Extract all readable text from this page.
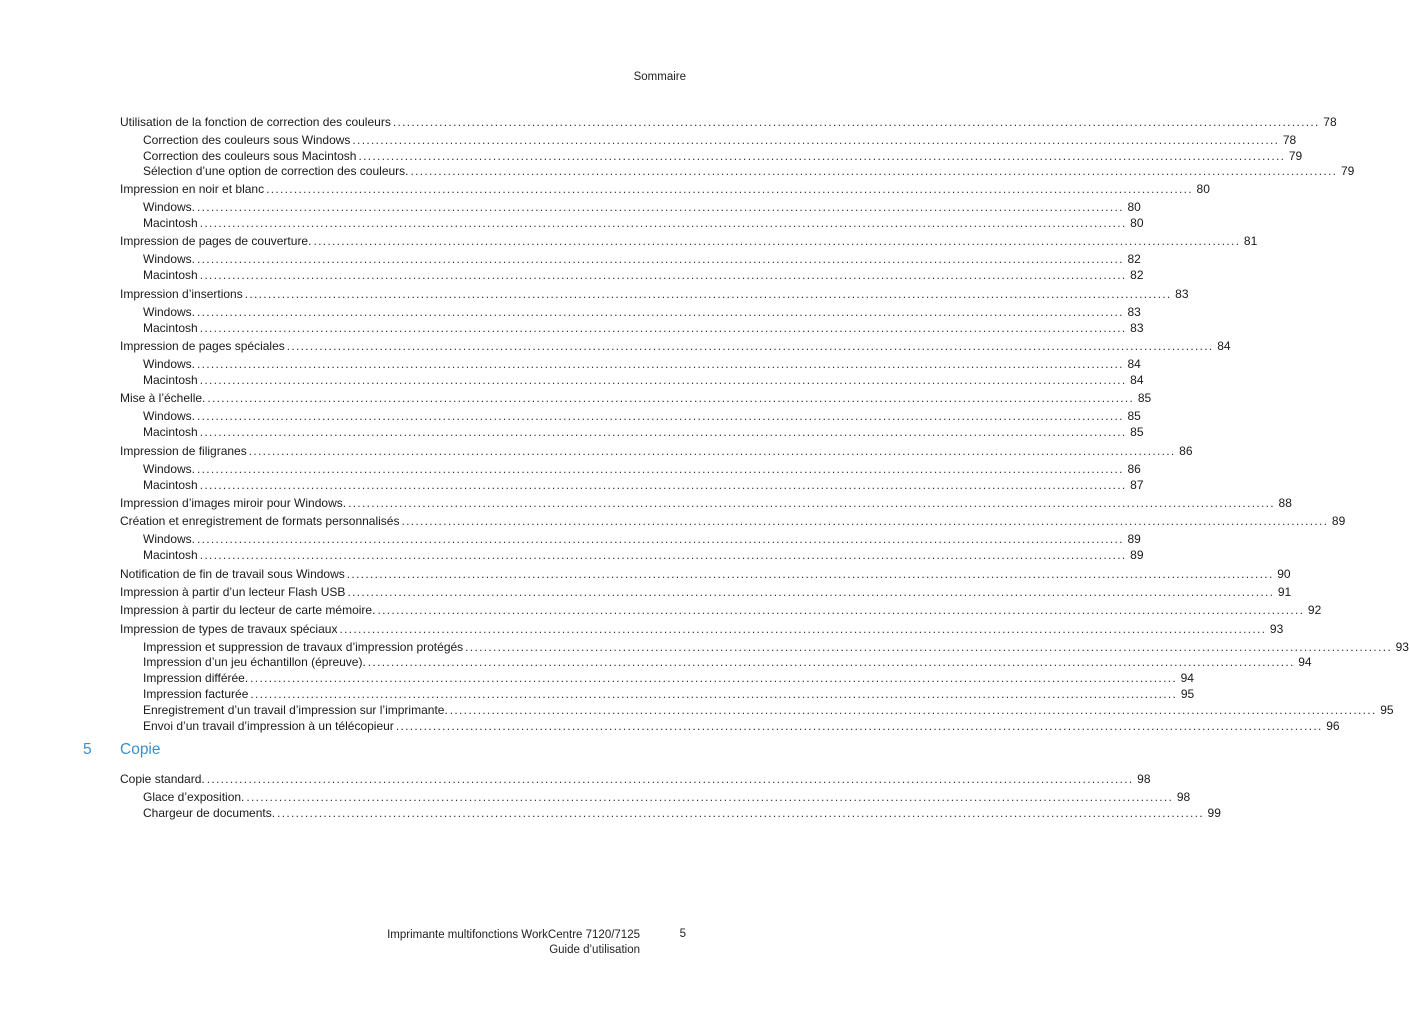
Sommaire
Utilisation de la fonction de correction des couleurs ........................................................................................................................................................................................................ 78
Correction des couleurs sous Windows ........................................................................................................................................................................................................ 78
Correction des couleurs sous Macintosh ........................................................................................................................................................................................................ 79
Sélection d’une option de correction des couleurs. ........................................................................................................................................................................................................ 79
Impression en noir et blanc ........................................................................................................................................................................................................ 80
Windows. ........................................................................................................................................................................................................ 80
Macintosh ........................................................................................................................................................................................................ 80
Impression de pages de couverture. ........................................................................................................................................................................................................ 81
Windows. ........................................................................................................................................................................................................ 82
Macintosh ........................................................................................................................................................................................................ 82
Impression d’insertions ........................................................................................................................................................................................................ 83
Windows. ........................................................................................................................................................................................................ 83
Macintosh ........................................................................................................................................................................................................ 83
Impression de pages spéciales ........................................................................................................................................................................................................ 84
Windows. ........................................................................................................................................................................................................ 84
Macintosh ........................................................................................................................................................................................................ 84
Mise à l’échelle. ........................................................................................................................................................................................................ 85
Windows. ........................................................................................................................................................................................................ 85
Macintosh ........................................................................................................................................................................................................ 85
Impression de filigranes ........................................................................................................................................................................................................ 86
Windows. ........................................................................................................................................................................................................ 86
Macintosh ........................................................................................................................................................................................................ 87
Impression d’images miroir pour Windows. ........................................................................................................................................................................................................ 88
Création et enregistrement de formats personnalisés ........................................................................................................................................................................................................ 89
Windows. ........................................................................................................................................................................................................ 89
Macintosh ........................................................................................................................................................................................................ 89
Notification de fin de travail sous Windows ........................................................................................................................................................................................................ 90
Impression à partir d’un lecteur Flash USB ........................................................................................................................................................................................................ 91
Impression à partir du lecteur de carte mémoire. ........................................................................................................................................................................................................ 92
Impression de types de travaux spéciaux ........................................................................................................................................................................................................ 93
Impression et suppression de travaux d’impression protégés ........................................................................................................................................................................................................ 93
Impression d’un jeu échantillon (épreuve). ........................................................................................................................................................................................................ 94
Impression différée. ........................................................................................................................................................................................................ 94
Impression facturée ........................................................................................................................................................................................................ 95
Enregistrement d’un travail d’impression sur l’imprimante. ........................................................................................................................................................................................................ 95
Envoi d’un travail d’impression à un télécopieur ........................................................................................................................................................................................................ 96
5 Copie
Copie standard. ........................................................................................................................................................................................................ 98
Glace d’exposition. ........................................................................................................................................................................................................ 98
Chargeur de documents. ........................................................................................................................................................................................................ 99
Imprimante multifonctions WorkCentre 7120/7125
Guide d’utilisation
5
